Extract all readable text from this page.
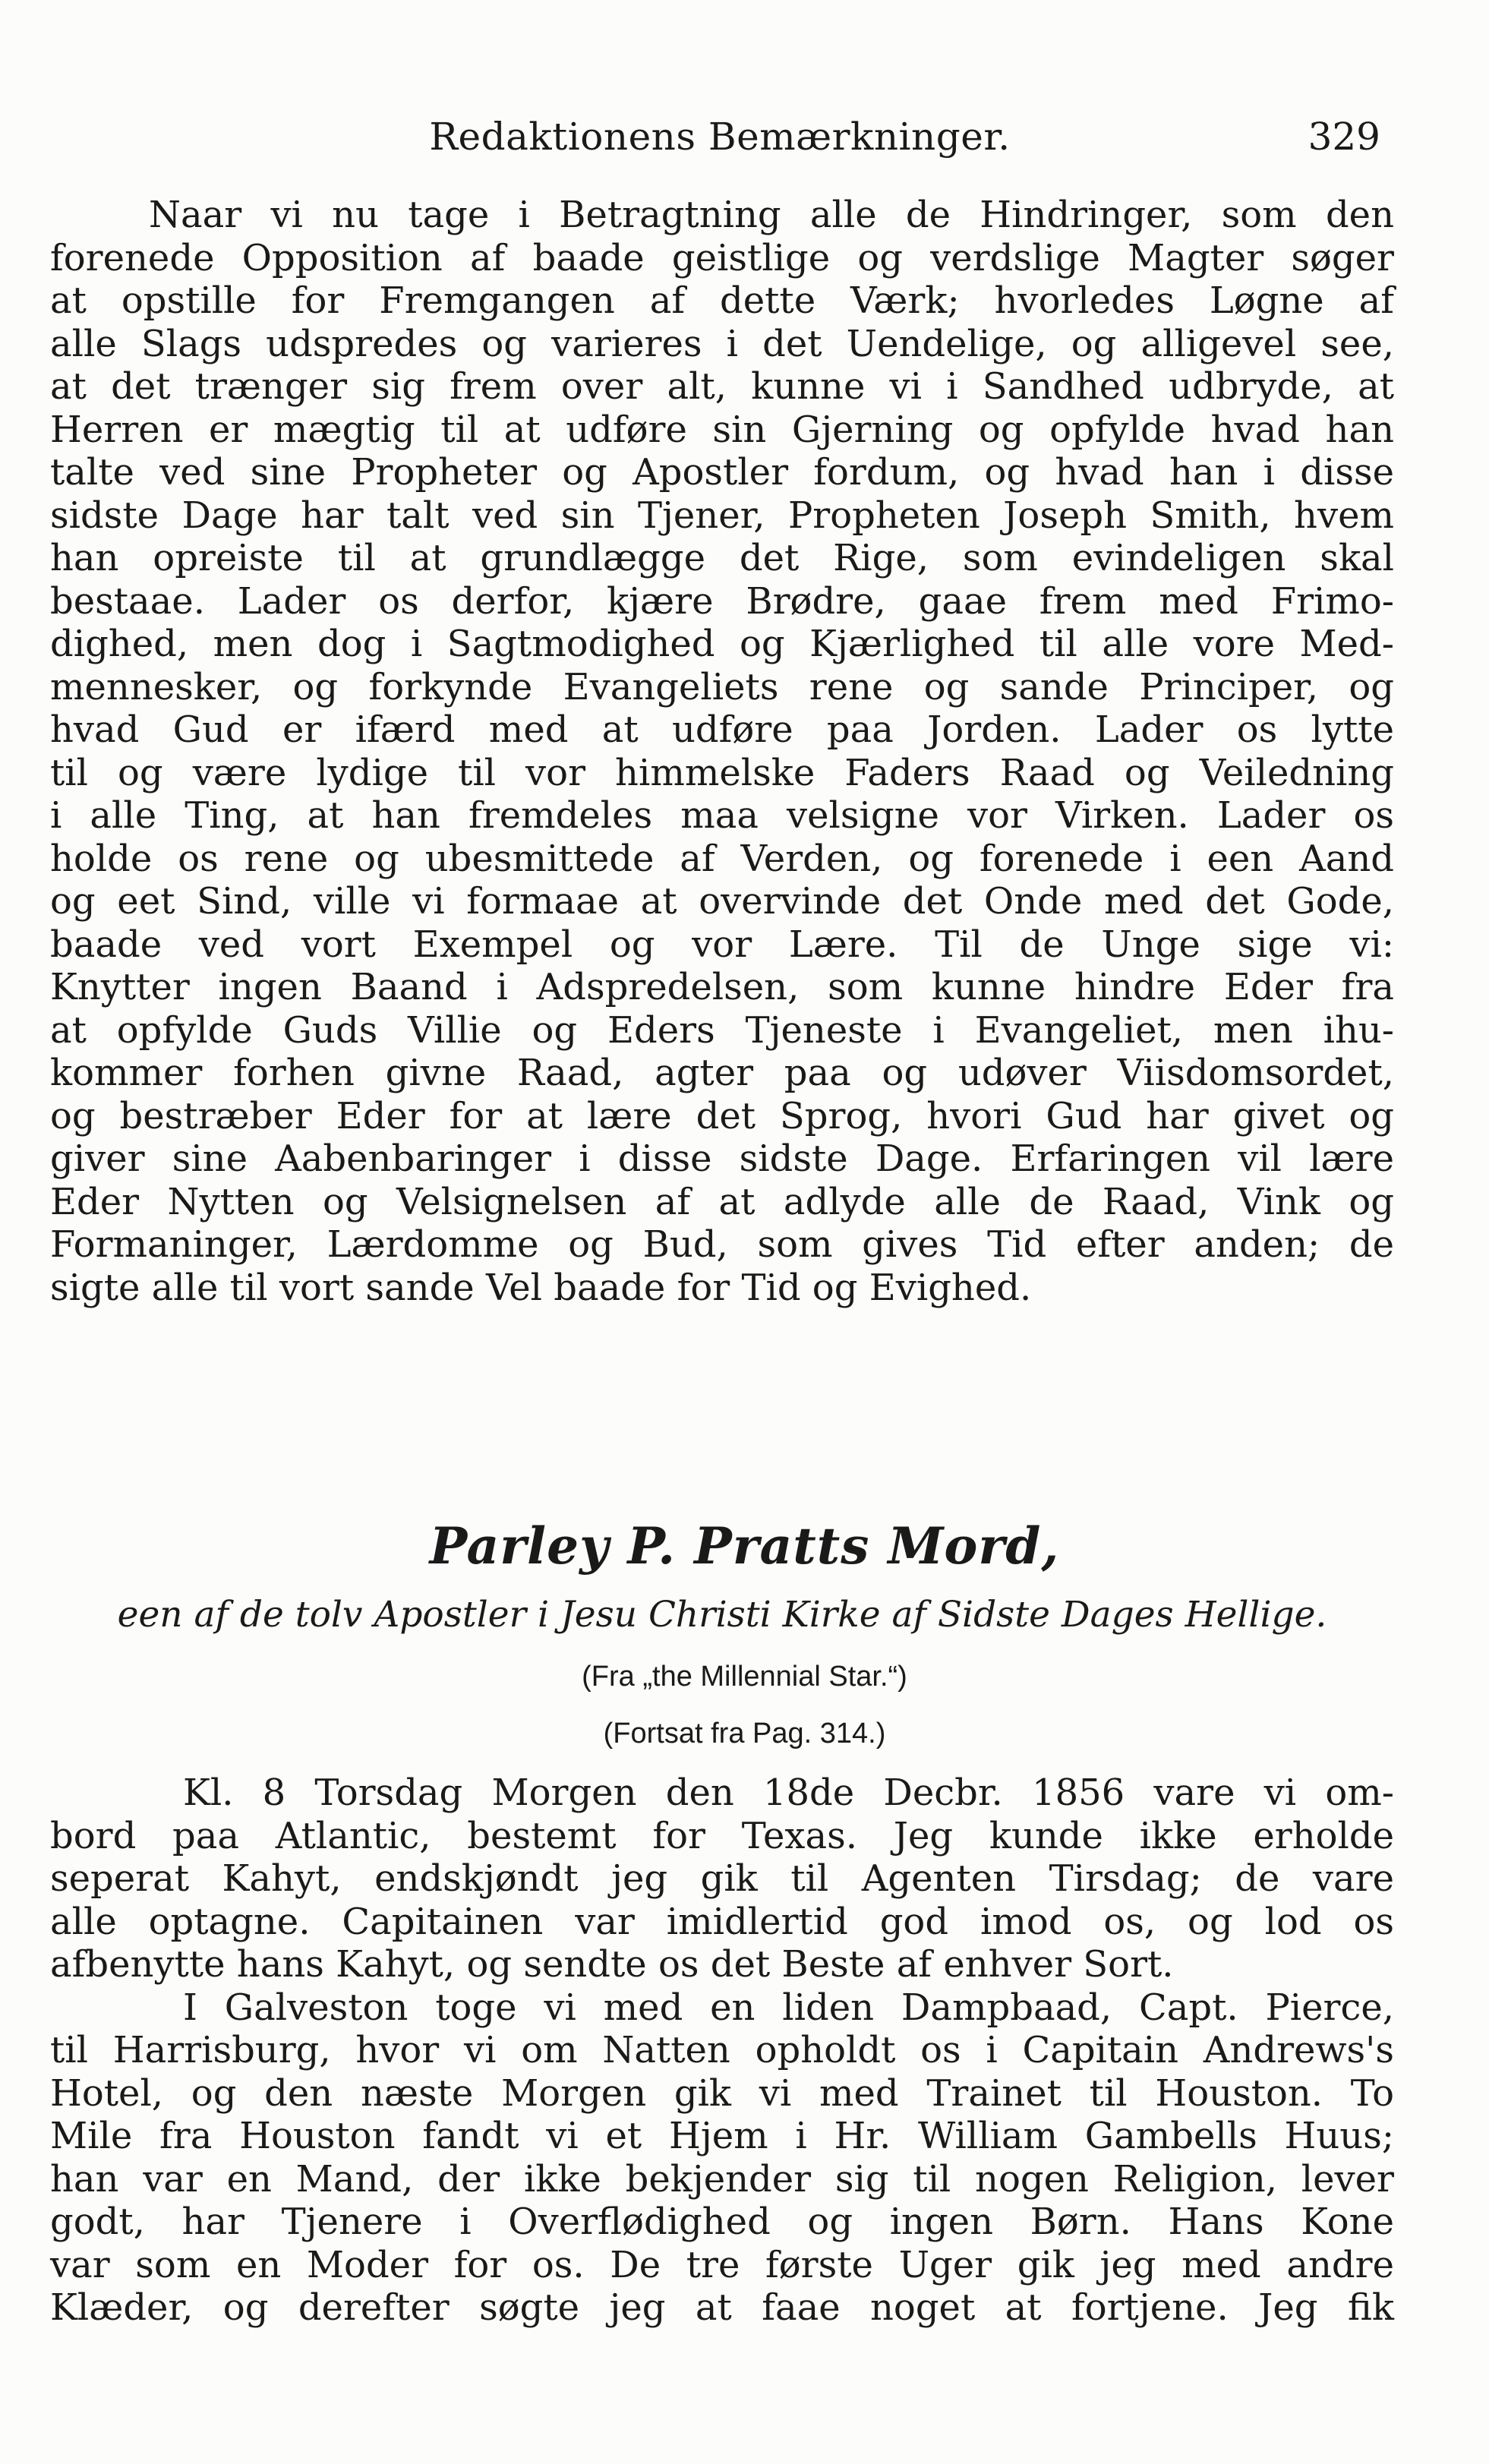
Redaktionens Bemærkninger.	329
Naar vi nu tage i Betragtning alle de Hindringer, som den
forenede Opposition af baade geistlige og verdslige Magter søger
at opstille for Fremgangen af dette Værk; hvorledes Løgne af
alle Slags udspredes og varieres i det Uendelige, og alligevel see,
at det trænger sig frem over alt, kunne vi i Sandhed udbryde, at
Herren er mægtig til at udføre sin Gjerning og opfylde hvad han
talte ved sine Propheter og Apostler fordum, og hvad han i disse
sidste Dage har talt ved sin Tjener, Propheten Joseph Smith, hvem
han opreiste til at grundlægge det Rige, som evindeligen skal
bestaae. Lader os derfor, kjære Brødre, gaae frem med Frimo-
dighed, men dog i Sagtmodighed og Kjærlighed til alle vore Med-
mennesker, og forkynde Evangeliets rene og sande Principer, og
hvad Gud er ifærd med at udføre paa Jorden. Lader os lytte
til og være lydige til vor himmelske Faders Raad og Veiledning
i alle Ting, at han fremdeles maa velsigne vor Virken. Lader os
holde os rene og ubesmittede af Verden, og forenede i een Aand
og eet Sind, ville vi formaae at overvinde det Onde med det Gode,
baade ved vort Exempel og vor Lære. Til de Unge sige vi:
Knytter ingen Baand i Adspredelsen, som kunne hindre Eder fra
at opfylde Guds Villie og Eders Tjeneste i Evangeliet, men ihu-
kommer forhen givne Raad, agter paa og udøver Viisdomsordet,
og bestræber Eder for at lære det Sprog, hvori Gud har givet og
giver sine Aabenbaringer i disse sidste Dage. Erfaringen vil lære
Eder Nytten og Velsignelsen af at adlyde alle de Raad, Vink og
Formaninger, Lærdomme og Bud, som gives Tid efter anden; de
sigte alle til vort sande Vel baade for Tid og Evighed.
Parley P. Pratts Mord,
een af de tolv Apostler i Jesu Christi Kirke af Sidste Dages Hellige.
(Fra „the Millennial Star.“)
(Fortsat fra Pag. 314.)
Kl. 8 Torsdag Morgen den 18de Decbr. 1856 vare vi om-
bord paa Atlantic, bestemt for Texas. Jeg kunde ikke erholde
seperat Kahyt, endskjøndt jeg gik til Agenten Tirsdag; de vare
alle optagne. Capitainen var imidlertid god imod os, og lod os
afbenytte hans Kahyt, og sendte os det Beste af enhver Sort.
I Galveston toge vi med en liden Dampbaad, Capt. Pierce,
til Harrisburg, hvor vi om Natten opholdt os i Capitain Andrews's
Hotel, og den næste Morgen gik vi med Trainet til Houston. To
Mile fra Houston fandt vi et Hjem i Hr. William Gambells Huus;
han var en Mand, der ikke bekjender sig til nogen Religion, lever
godt, har Tjenere i Overflødighed og ingen Børn. Hans Kone
var som en Moder for os. De tre første Uger gik jeg med andre
Klæder, og derefter søgte jeg at faae noget at fortjene. Jeg fik
